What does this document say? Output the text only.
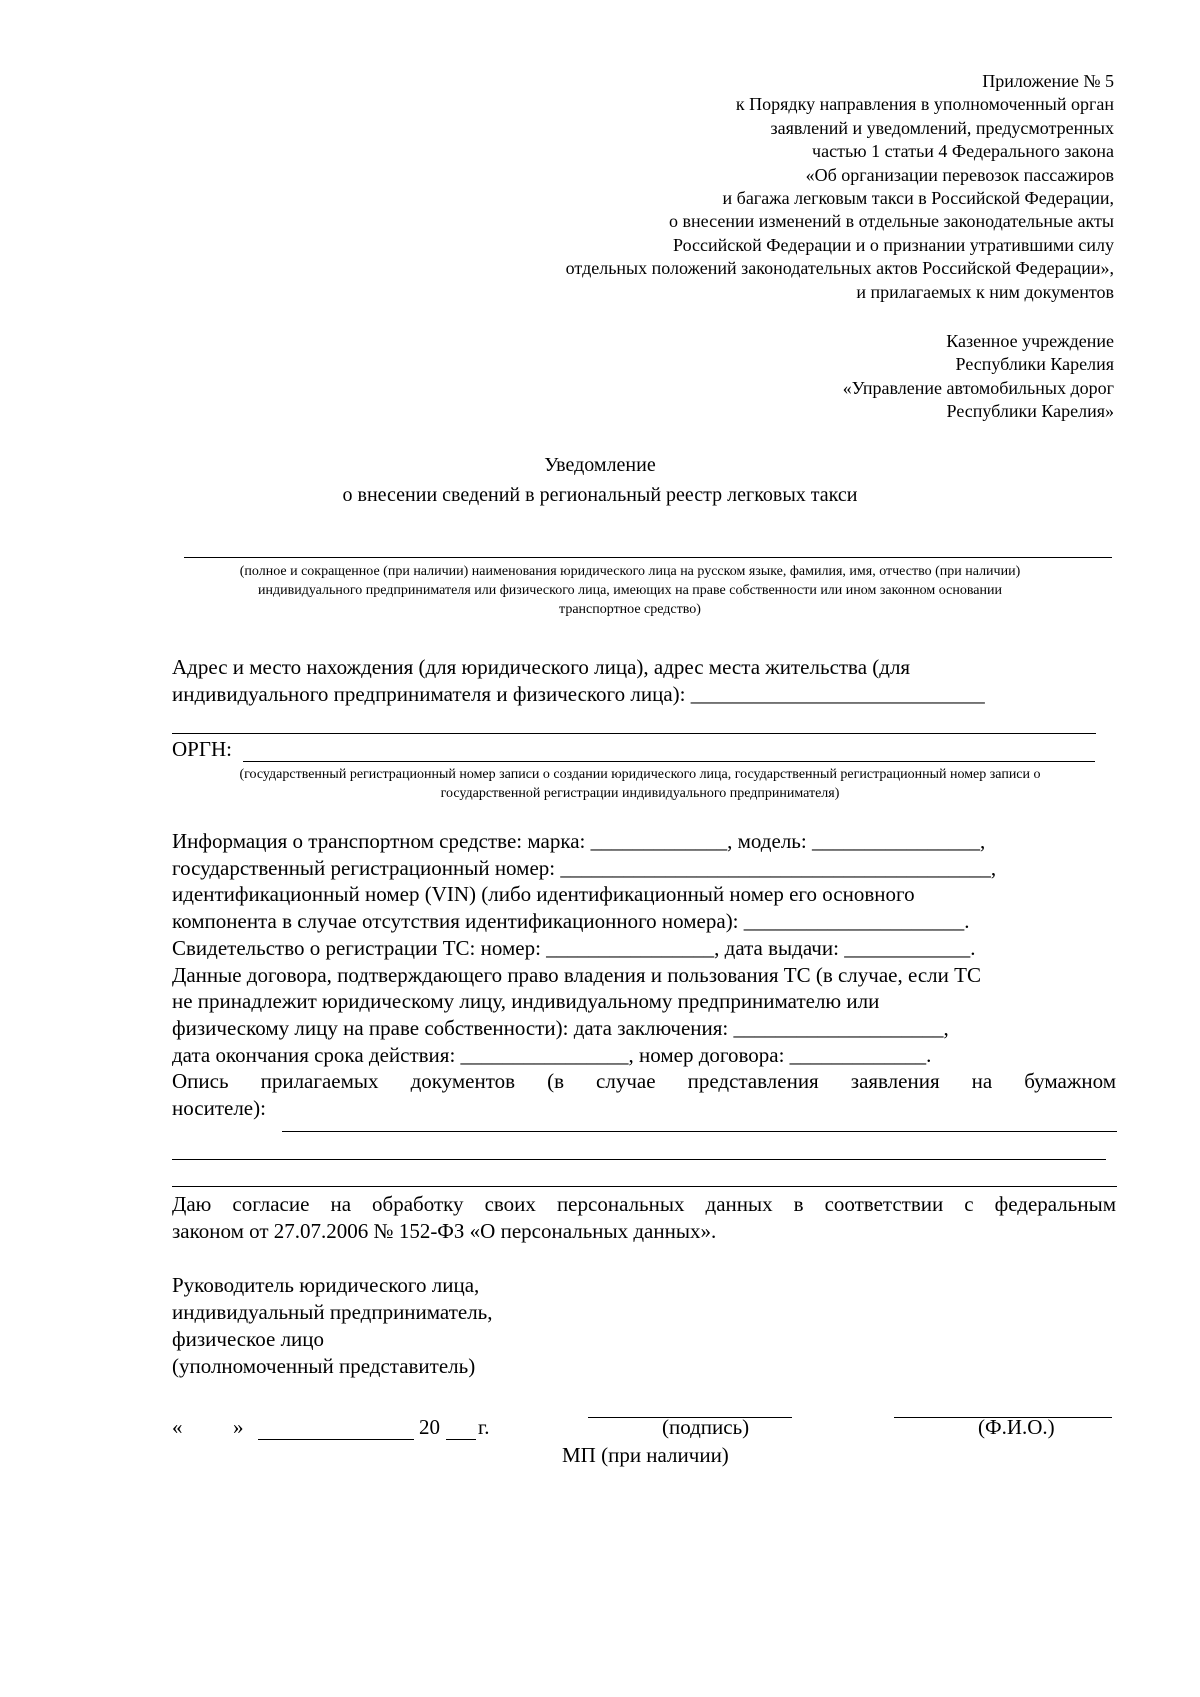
Приложение № 5
к Порядку направления в уполномоченный орган
заявлений и уведомлений, предусмотренных
частью 1 статьи 4 Федерального закона
«Об организации перевозок пассажиров
и багажа легковым такси в Российской Федерации,
о внесении изменений в отдельные законодательные акты
Российской Федерации и о признании утратившими силу
отдельных положений законодательных актов Российской Федерации»,
и прилагаемых к ним документов
Казенное учреждение
Республики Карелия
«Управление автомобильных дорог
Республики Карелия»
Уведомление
о внесении сведений в региональный реестр легковых такси
(полное и сокращенное (при наличии) наименования юридического лица на русском языке, фамилия, имя, отчество (при наличии)
индивидуального предпринимателя или физического лица, имеющих на праве собственности или ином законном основании
транспортное средство)
Адрес и место нахождения (для юридического лица), адрес места жительства (для
индивидуального предпринимателя и физического лица): ____________________________
ОРГН:
(государственный регистрационный номер записи о создании юридического лица, государственный регистрационный номер записи о
государственной регистрации индивидуального предпринимателя)
Информация о транспортном средстве: марка: _____________, модель: ________________,
государственный регистрационный номер: _________________________________________,
идентификационный номер (VIN) (либо идентификационный номер его основного
компонента в случае отсутствия идентификационного номера): _____________________.
Свидетельство о регистрации ТС: номер: ________________, дата выдачи: ____________.
Данные договора, подтверждающего право владения и пользования ТС (в случае, если ТС
не принадлежит юридическому лицу, индивидуальному предпринимателю или
физическому лицу на праве собственности): дата заключения: ____________________,
дата окончания срока действия: ________________, номер договора: _____________.
Опись прилагаемых документов (в случае представления заявления на бумажном
носителе):
Даю согласие на обработку своих персональных данных в соответствии с федеральным
законом от 27.07.2006 № 152-ФЗ «О персональных данных».
Руководитель юридического лица,
индивидуальный предприниматель,
физическое лицо
(уполномоченный представитель)
« »	20 г.	(подпись)	(Ф.И.О.)
МП (при наличии)
